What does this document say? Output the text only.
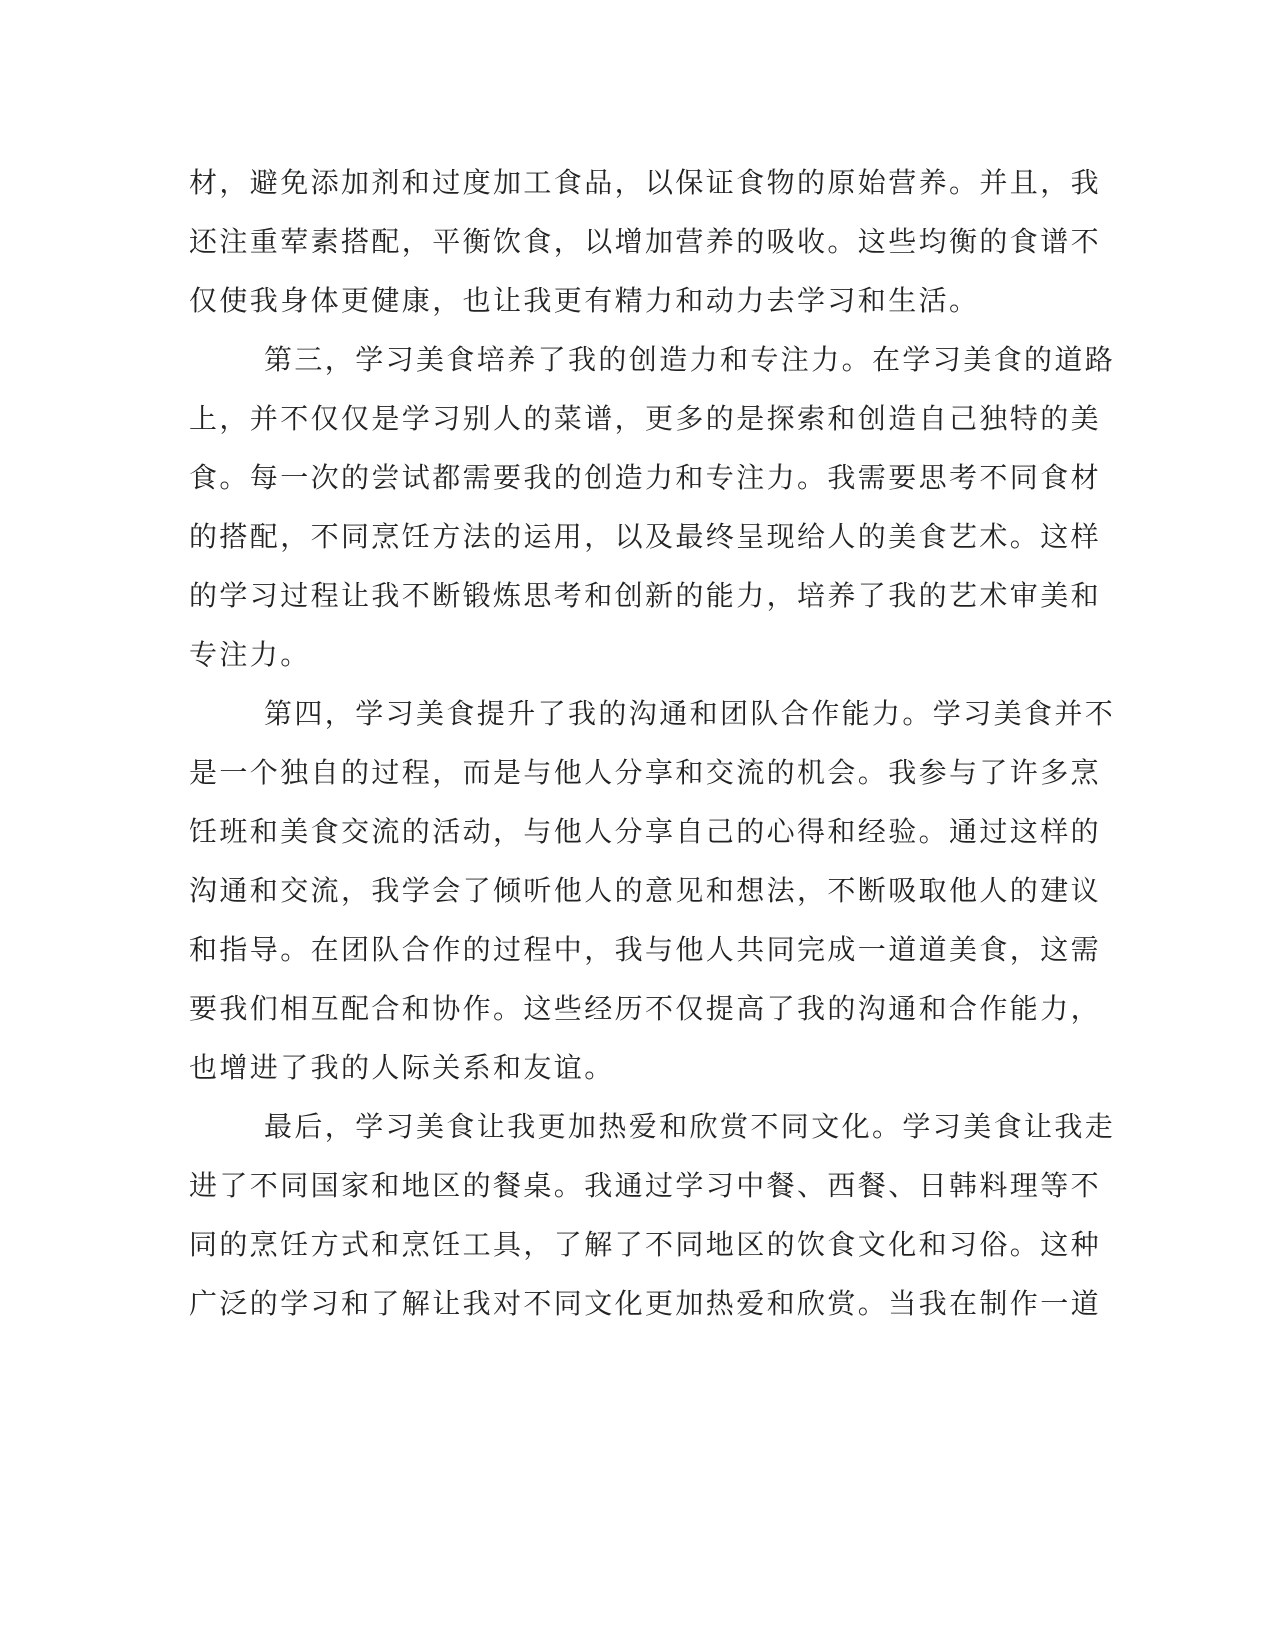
材，避免添加剂和过度加工食品，以保证食物的原始营养。并且，我
还注重荤素搭配，平衡饮食，以增加营养的吸收。这些均衡的食谱不
仅使我身体更健康，也让我更有精力和动力去学习和生活。
第三，学习美食培养了我的创造力和专注力。在学习美食的道路
上，并不仅仅是学习别人的菜谱，更多的是探索和创造自己独特的美
食。每一次的尝试都需要我的创造力和专注力。我需要思考不同食材
的搭配，不同烹饪方法的运用，以及最终呈现给人的美食艺术。这样
的学习过程让我不断锻炼思考和创新的能力，培养了我的艺术审美和
专注力。
第四，学习美食提升了我的沟通和团队合作能力。学习美食并不
是一个独自的过程，而是与他人分享和交流的机会。我参与了许多烹
饪班和美食交流的活动，与他人分享自己的心得和经验。通过这样的
沟通和交流，我学会了倾听他人的意见和想法，不断吸取他人的建议
和指导。在团队合作的过程中，我与他人共同完成一道道美食，这需
要我们相互配合和协作。这些经历不仅提高了我的沟通和合作能力，
也增进了我的人际关系和友谊。
最后，学习美食让我更加热爱和欣赏不同文化。学习美食让我走
进了不同国家和地区的餐桌。我通过学习中餐、西餐、日韩料理等不
同的烹饪方式和烹饪工具，了解了不同地区的饮食文化和习俗。这种
广泛的学习和了解让我对不同文化更加热爱和欣赏。当我在制作一道
